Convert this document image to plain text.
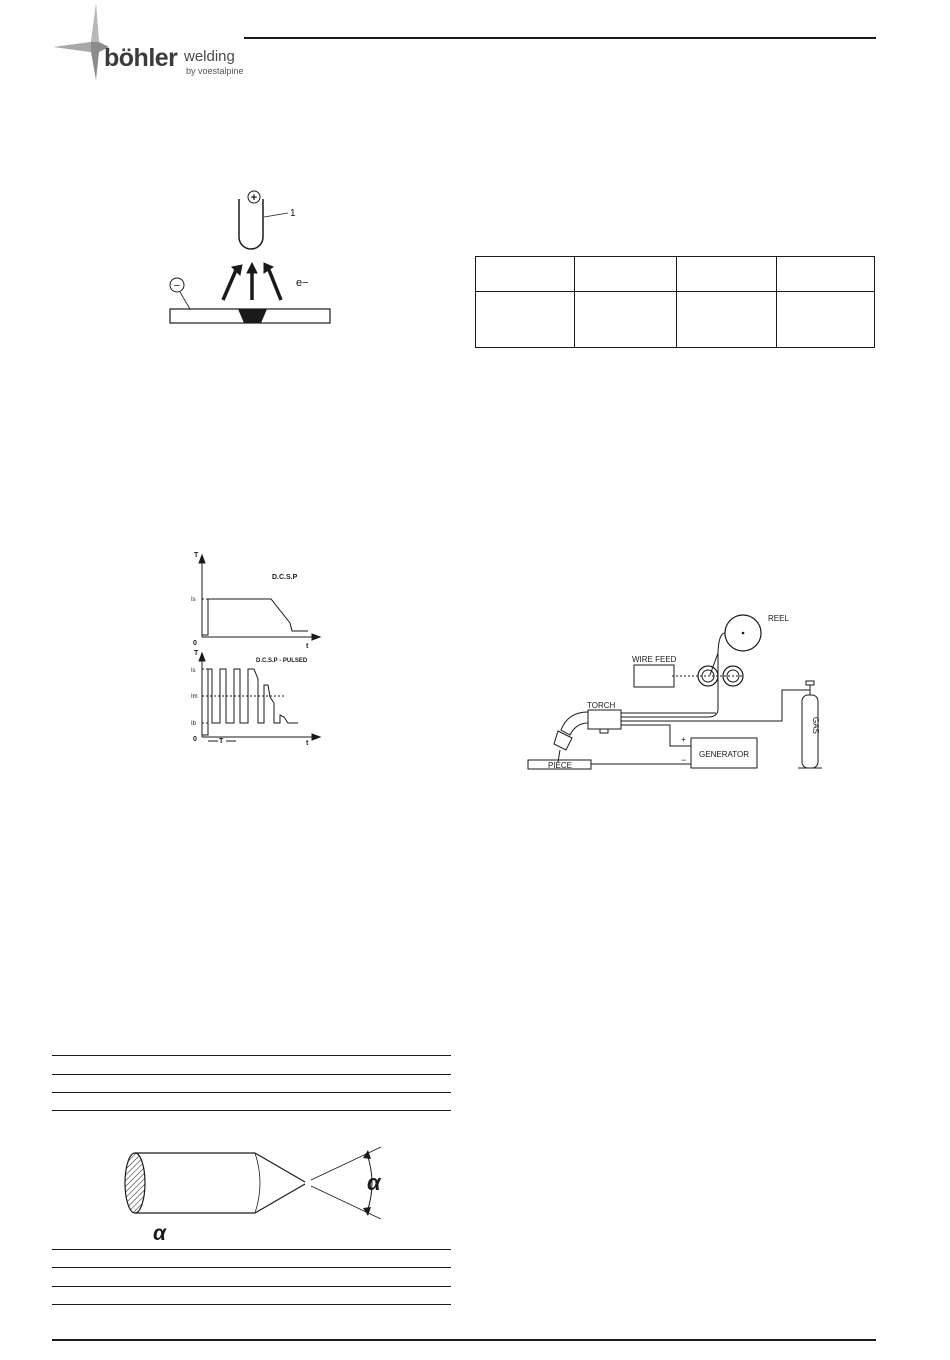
böhler welding
by voestalpine
+
1
e−
−

T
D.C.S.P
Is
0	t
T
D.C.S.P - PULSED
Is
Im
Ib
0	T	t
REEL
WIRE FEED
TORCH
GENERATOR
+
−
PIECE
GAS
α
α
